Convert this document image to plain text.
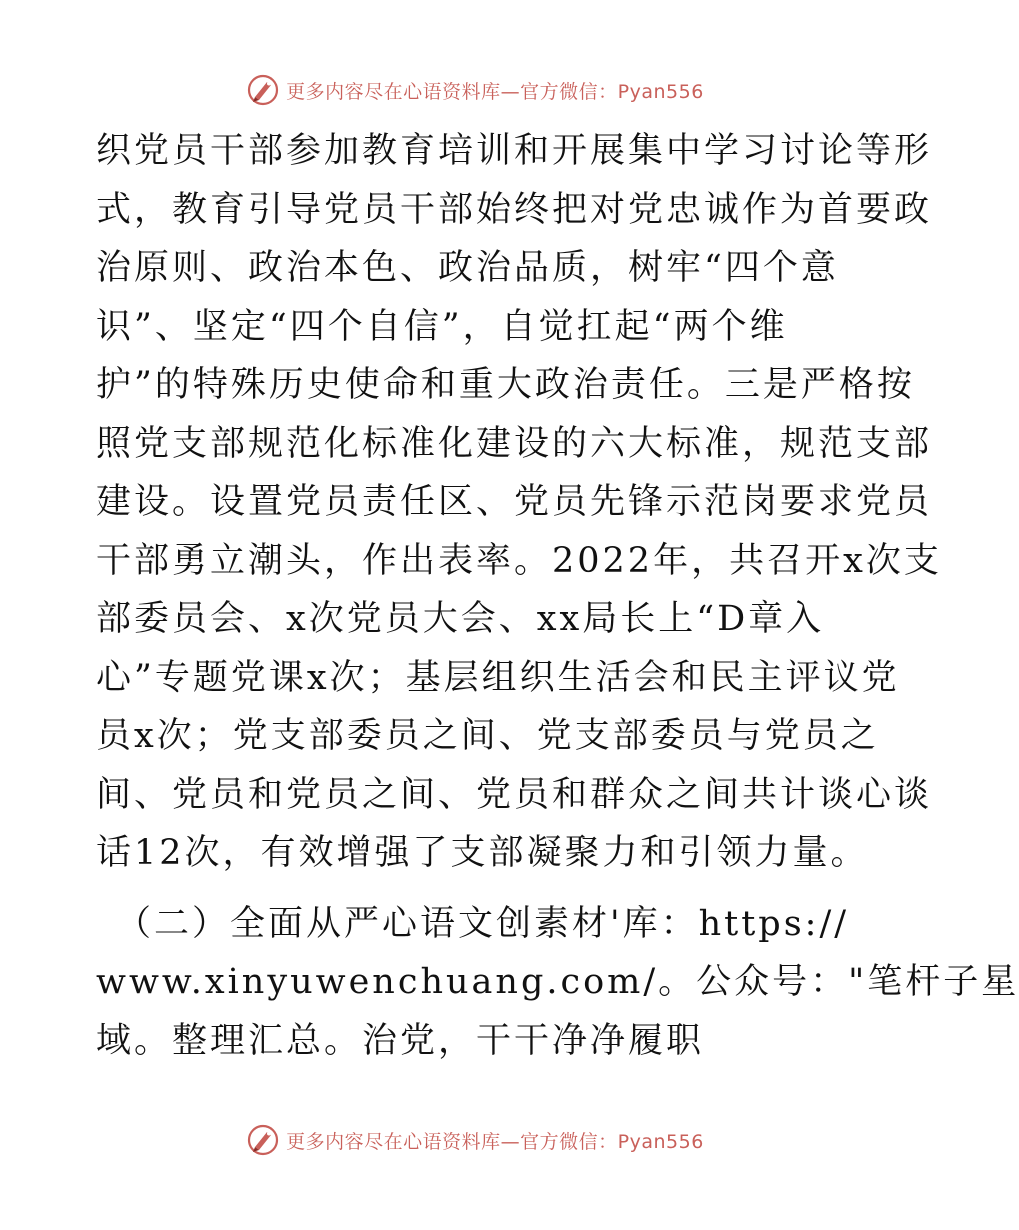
更多内容尽在心语资料库—官方微信：Pyan556
织党员干部参加教育培训和开展集中学习讨论等形
式，教育引导党员干部始终把对党忠诚作为首要政
治原则、政治本色、政治品质，树牢“四个意
识”、坚定“四个自信”，自觉扛起“两个维
护”的特殊历史使命和重大政治责任。三是严格按
照党支部规范化标准化建设的六大标准，规范支部
建设。设置党员责任区、党员先锋示范岗要求党员
干部勇立潮头，作出表率。2022年，共召开x次支
部委员会、x次党员大会、xx局长上“D章入
心”专题党课x次；基层组织生活会和民主评议党
员x次；党支部委员之间、党支部委员与党员之
间、党员和党员之间、党员和群众之间共计谈心谈
话12次，有效增强了支部凝聚力和引领力量。
（二）全面从严心语文创素材'库：https://
www.xinyuwenchuang.com/。公众号："笔杆子星
域。整理汇总。治党，干干净净履职
更多内容尽在心语资料库—官方微信：Pyan556
